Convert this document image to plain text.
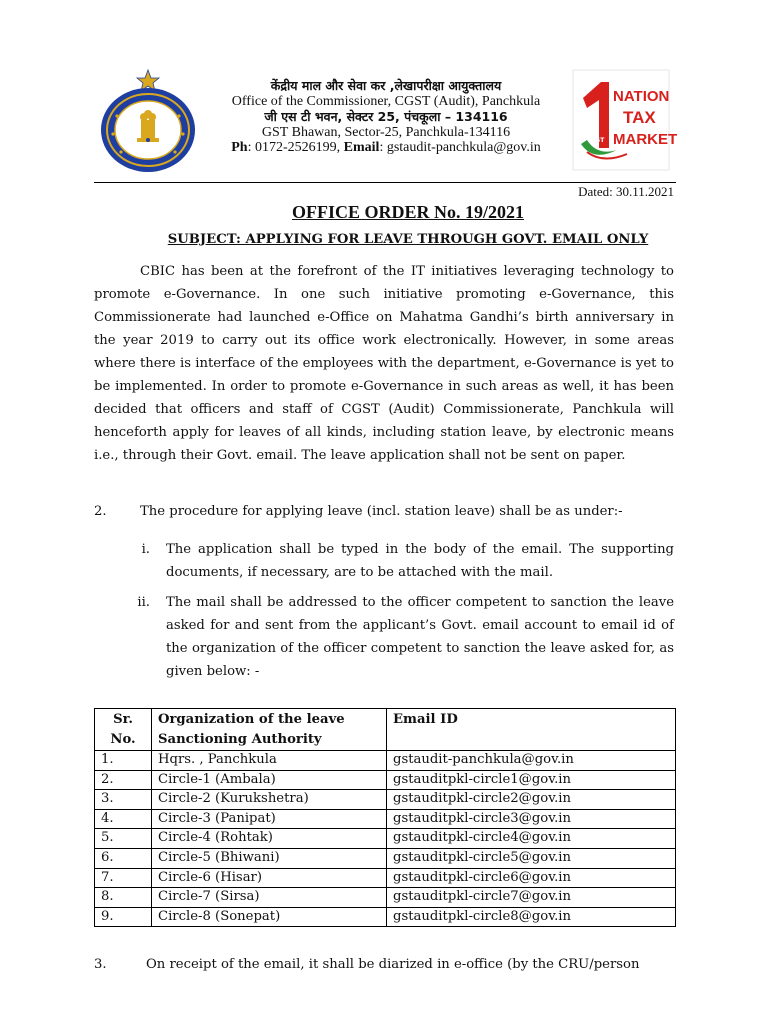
केंद्रीय माल और सेवा कर ,लेखापरीक्षा आयुक्तालय
Office of the Commissioner, CGST (Audit), Panchkula
जी एस टी भवन, सेक्टर 25, पंचकूला – 134116
GST Bhawan, Sector-25, Panchkula-134116
Ph: 0172-2526199, Email: gstaudit-panchkula@gov.in	GST
NATION
TAX
MARKET
Dated: 30.11.2021
OFFICE ORDER No. 19/2021
SUBJECT: APPLYING FOR LEAVE THROUGH GOVT. EMAIL ONLY

CBIC has been at the forefront of the IT initiatives leveraging technology to promote e-Governance. In one such initiative promoting e-Governance, this Commissionerate had launched e-Office on Mahatma Gandhi’s birth anniversary in the year 2019 to carry out its office work electronically. However, in some areas where there is interface of the employees with the department, e-Governance is yet to be implemented. In order to promote e-Governance in such areas as well, it has been decided that officers and staff of CGST (Audit) Commissionerate, Panchkula will henceforth apply for leaves of all kinds, including station leave, by electronic means i.e., through their Govt. email. The leave application shall not be sent on paper.

2.	The procedure for applying leave (incl. station leave) shall be as under:-
i. The application shall be typed in the body of the email. The supporting documents, if necessary, are to be attached with the mail.
ii. The mail shall be addressed to the officer competent to sanction the leave asked for and sent from the applicant’s Govt. email account to email id of the organization of the officer competent to sanction the leave asked for, as given below: -
Sr. No.	Organization of the leave Sanctioning Authority	Email ID
1.	Hqrs. , Panchkula	gstaudit-panchkula@gov.in
2.	Circle-1 (Ambala)	gstauditpkl-circle1@gov.in
3.	Circle-2 (Kurukshetra)	gstauditpkl-circle2@gov.in
4.	Circle-3 (Panipat)	gstauditpkl-circle3@gov.in
5.	Circle-4 (Rohtak)	gstauditpkl-circle4@gov.in
6.	Circle-5 (Bhiwani)	gstauditpkl-circle5@gov.in
7.	Circle-6 (Hisar)	gstauditpkl-circle6@gov.in
8.	Circle-7 (Sirsa)	gstauditpkl-circle7@gov.in
9.	Circle-8 (Sonepat)	gstauditpkl-circle8@gov.in
3.	On receipt of the email, it shall be diarized in e-office (by the CRU/person
